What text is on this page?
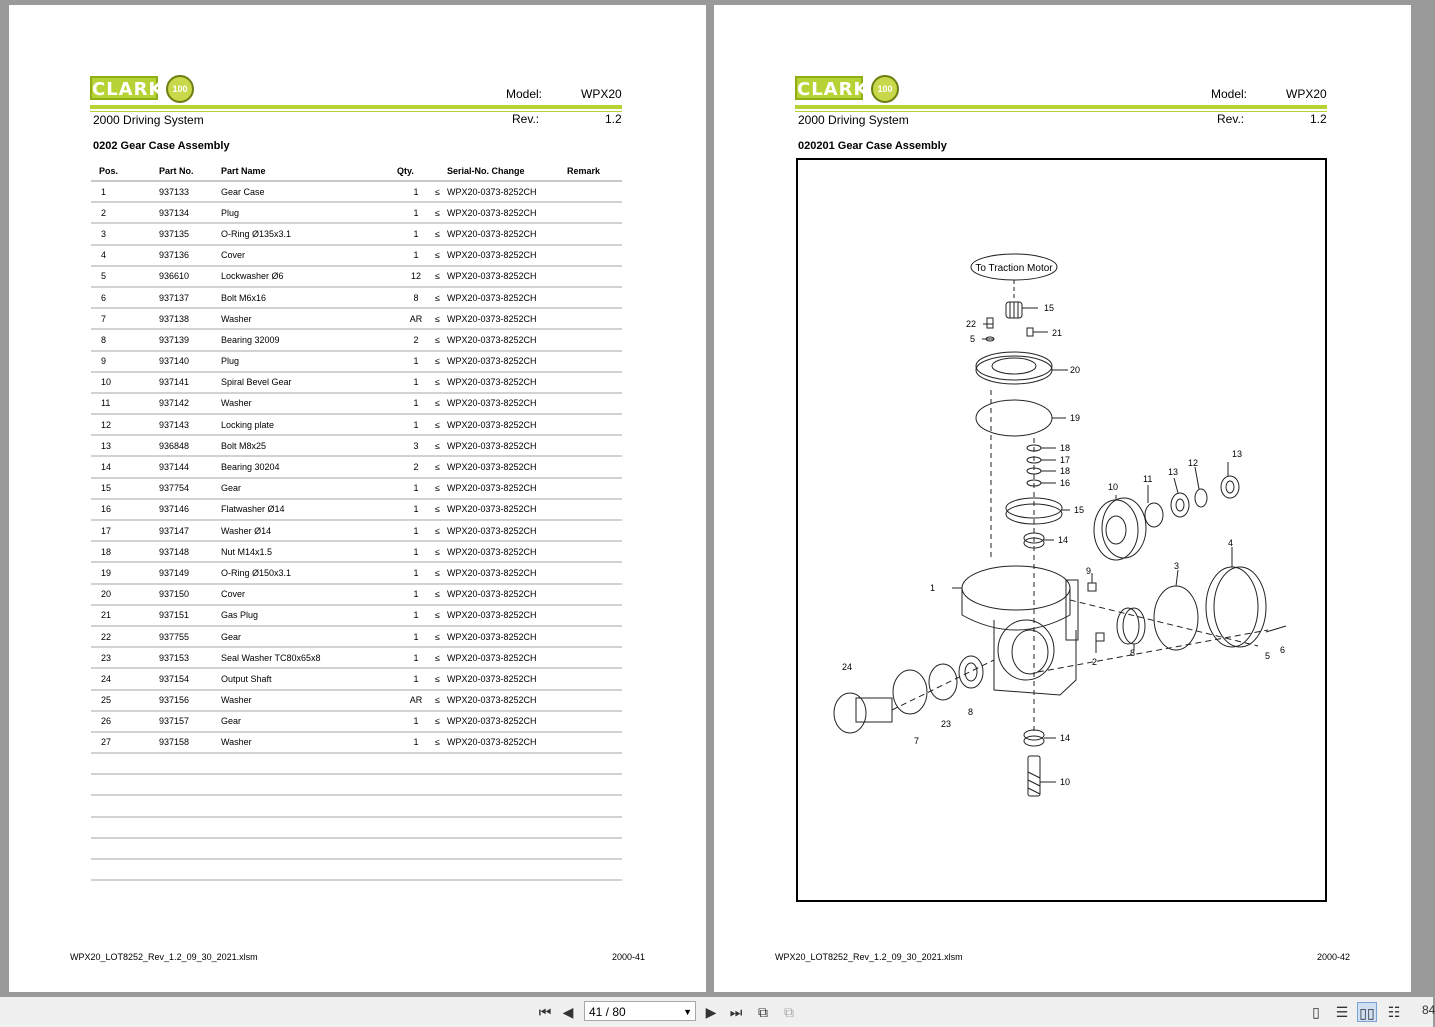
CLARK	100	Model:	WPX20
2000 Driving System	Rev.:	1.2
0202 Gear Case Assembly
Pos.	Part No.	Part Name	Qty.		Serial-No. Change	Remark
1	937133	Gear Case	1	≤	WPX20-0373-8252CH	
2	937134	Plug	1	≤	WPX20-0373-8252CH	
3	937135	O-Ring Ø135x3.1	1	≤	WPX20-0373-8252CH	
4	937136	Cover	1	≤	WPX20-0373-8252CH	
5	936610	Lockwasher Ø6	12	≤	WPX20-0373-8252CH	
6	937137	Bolt M6x16	8	≤	WPX20-0373-8252CH	
7	937138	Washer	AR	≤	WPX20-0373-8252CH	
8	937139	Bearing 32009	2	≤	WPX20-0373-8252CH	
9	937140	Plug	1	≤	WPX20-0373-8252CH	
10	937141	Spiral Bevel Gear	1	≤	WPX20-0373-8252CH	
11	937142	Washer	1	≤	WPX20-0373-8252CH	
12	937143	Locking plate	1	≤	WPX20-0373-8252CH	
13	936848	Bolt M8x25	3	≤	WPX20-0373-8252CH	
14	937144	Bearing 30204	2	≤	WPX20-0373-8252CH	
15	937754	Gear	1	≤	WPX20-0373-8252CH	
16	937146	Flatwasher Ø14	1	≤	WPX20-0373-8252CH	
17	937147	Washer Ø14	1	≤	WPX20-0373-8252CH	
18	937148	Nut M14x1.5	1	≤	WPX20-0373-8252CH	
19	937149	O-Ring Ø150x3.1	1	≤	WPX20-0373-8252CH	
20	937150	Cover	1	≤	WPX20-0373-8252CH	
21	937151	Gas Plug	1	≤	WPX20-0373-8252CH	
22	937755	Gear	1	≤	WPX20-0373-8252CH	
23	937153	Seal Washer TC80x65x8	1	≤	WPX20-0373-8252CH	
24	937154	Output Shaft	1	≤	WPX20-0373-8252CH	
25	937156	Washer	AR	≤	WPX20-0373-8252CH	
26	937157	Gear	1	≤	WPX20-0373-8252CH	
27	937158	Washer	1	≤	WPX20-0373-8252CH	

WPX20_LOT8252_Rev_1.2_09_30_2021.xlsm	2000-41
CLARK	100	Model:	WPX20
2000 Driving System	Rev.:	1.2
020201 Gear Case Assembly
To Traction Motor
15
22
21
5
20
19
18
17
18
16
15
14
13
12
11
13
10
9
1
3
4
24	2
8	5
6
7
23
8
14
10
WPX20_LOT8252_Rev_1.2_09_30_2021.xlsm	2000-42
⏮ ◀	41 / 80	▼ ▶ ⏭	⧉	⧉	▯	☰ ▯▯ ☷	84
